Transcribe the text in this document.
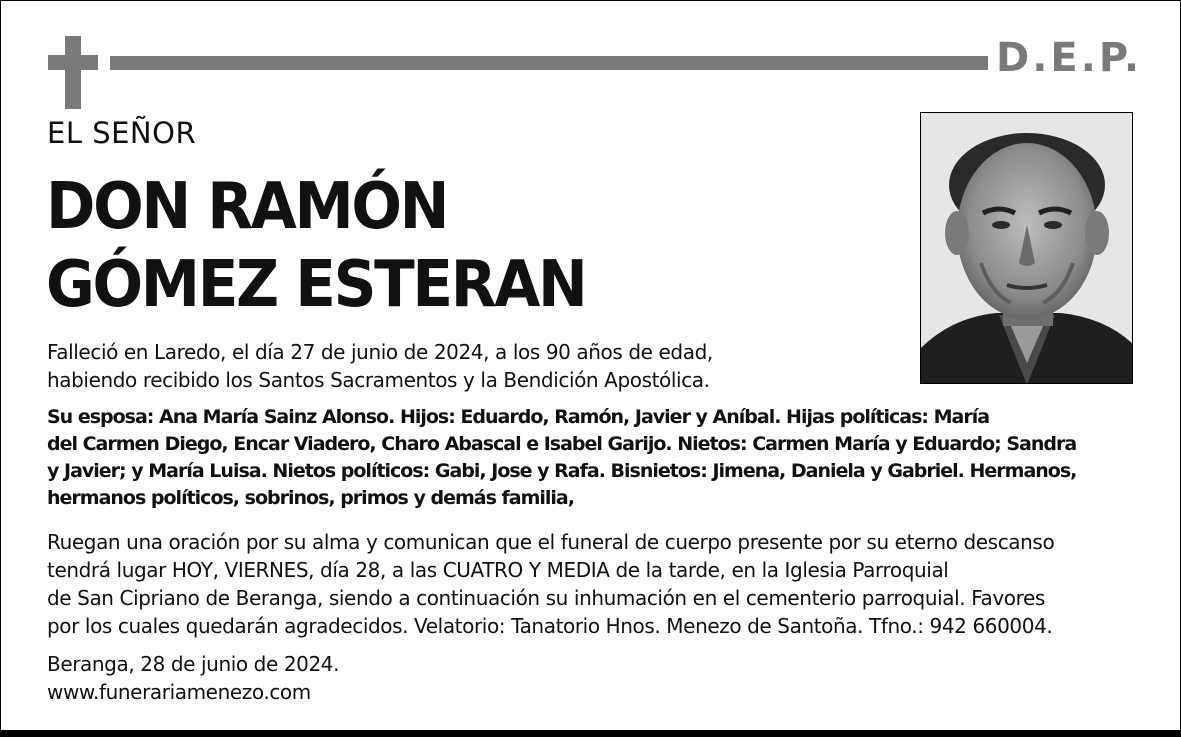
D.E.P.
EL SEÑOR
DON RAMÓN
GÓMEZ ESTERAN
Falleció en Laredo, el día 27 de junio de 2024, a los 90 años de edad,
habiendo recibido los Santos Sacramentos y la Bendición Apostólica.
Su esposa: Ana María Sainz Alonso. Hijos: Eduardo, Ramón, Javier y Aníbal. Hijas políticas: María
del Carmen Diego, Encar Viadero, Charo Abascal e Isabel Garijo. Nietos: Carmen María y Eduardo; Sandra
y Javier; y María Luisa. Nietos políticos: Gabi, Jose y Rafa. Bisnietos: Jimena, Daniela y Gabriel. Hermanos,
hermanos políticos, sobrinos, primos y demás familia,
Ruegan una oración por su alma y comunican que el funeral de cuerpo presente por su eterno descanso
tendrá lugar HOY, VIERNES, día 28, a las CUATRO Y MEDIA de la tarde, en la Iglesia Parroquial
de San Cipriano de Beranga, siendo a continuación su inhumación en el cementerio parroquial. Favores
por los cuales quedarán agradecidos. Velatorio: Tanatorio Hnos. Menezo de Santoña. Tfno.: 942 660004.
Beranga, 28 de junio de 2024.
www.funerariamenezo.com
